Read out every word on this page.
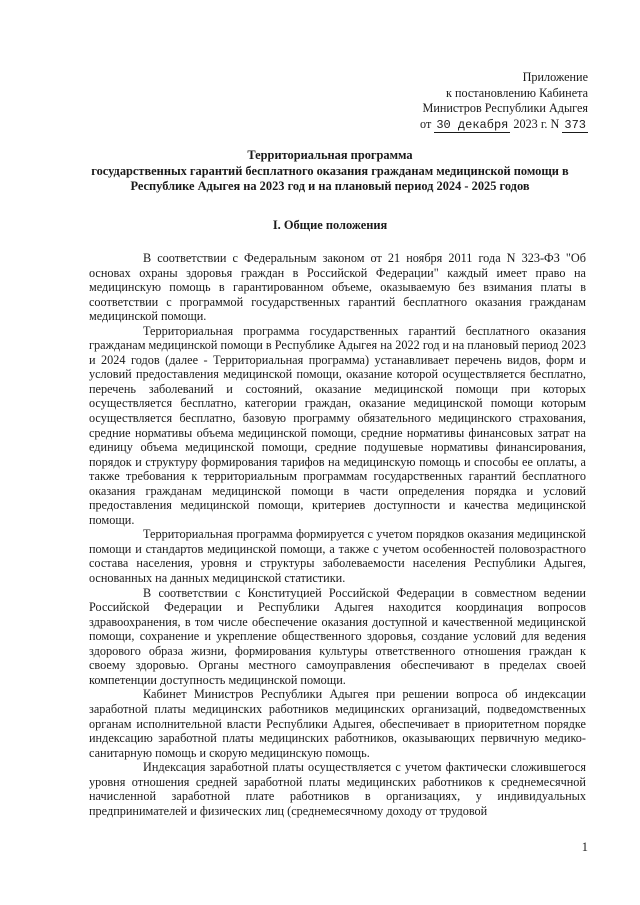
Приложение
к постановлению Кабинета
Министров Республики Адыгея
от 30 декабря 2023 г. N 373
Территориальная программа
государственных гарантий бесплатного оказания гражданам медицинской помощи в
Республике Адыгея на 2023 год и на плановый период 2024 - 2025 годов
I. Общие положения

В соответствии с Федеральным законом от 21 ноября 2011 года N 323-ФЗ "Об основах охраны здоровья граждан в Российской Федерации" каждый имеет право на медицинскую помощь в гарантированном объеме, оказываемую без взимания платы в соответствии с программой государственных гарантий бесплатного оказания гражданам медицинской помощи.

Территориальная программа государственных гарантий бесплатного оказания гражданам медицинской помощи в Республике Адыгея на 2022 год и на плановый период 2023 и 2024 годов (далее - Территориальная программа) устанавливает перечень видов, форм и условий предоставления медицинской помощи, оказание которой осуществляется бесплатно, перечень заболеваний и состояний, оказание медицинской помощи при которых осуществляется бесплатно, категории граждан, оказание медицинской помощи которым осуществляется бесплатно, базовую программу обязательного медицинского страхования, средние нормативы объема медицинской помощи, средние нормативы финансовых затрат на единицу объема медицинской помощи, средние подушевые нормативы финансирования, порядок и структуру формирования тарифов на медицинскую помощь и способы ее оплаты, а также требования к территориальным программам государственных гарантий бесплатного оказания гражданам медицинской помощи в части определения порядка и условий предоставления медицинской помощи, критериев доступности и качества медицинской помощи.

Территориальная программа формируется с учетом порядков оказания медицинской помощи и стандартов медицинской помощи, а также с учетом особенностей половозрастного состава населения, уровня и структуры заболеваемости населения Республики Адыгея, основанных на данных медицинской статистики.

В соответствии с Конституцией Российской Федерации в совместном ведении Российской Федерации и Республики Адыгея находится координация вопросов здравоохранения, в том числе обеспечение оказания доступной и качественной медицинской помощи, сохранение и укрепление общественного здоровья, создание условий для ведения здорового образа жизни, формирования культуры ответственного отношения граждан к своему здоровью. Органы местного самоуправления обеспечивают в пределах своей компетенции доступность медицинской помощи.

Кабинет Министров Республики Адыгея при решении вопроса об индексации заработной платы медицинских работников медицинских организаций, подведомственных органам исполнительной власти Республики Адыгея, обеспечивает в приоритетном порядке индексацию заработной платы медицинских работников, оказывающих первичную медико-санитарную помощь и скорую медицинскую помощь.

Индексация заработной платы осуществляется с учетом фактически сложившегося уровня отношения средней заработной платы медицинских работников к среднемесячной начисленной заработной плате работников в организациях, у индивидуальных предпринимателей и физических лиц (среднемесячному доходу от трудовой

1
